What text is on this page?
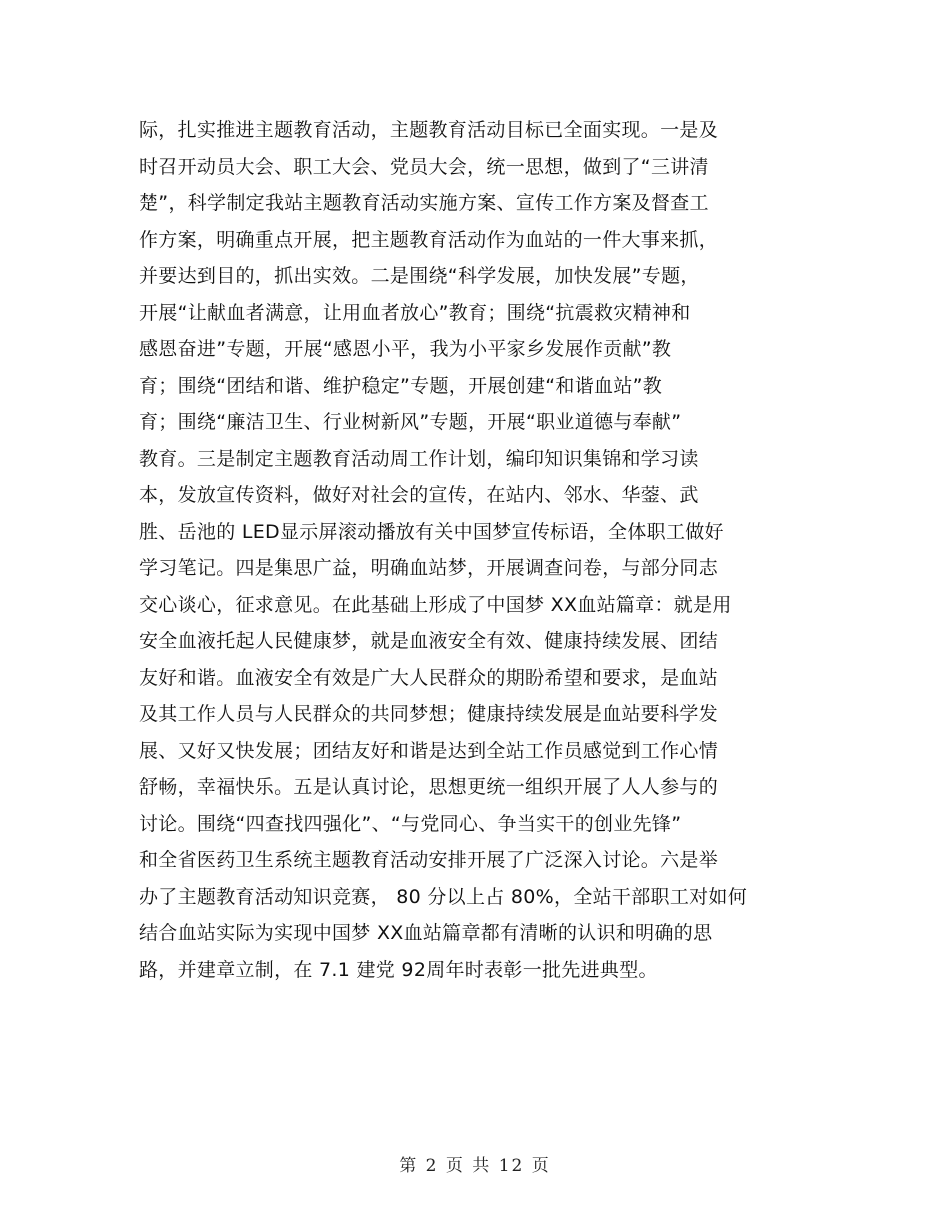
际，扎实推进主题教育活动，主题教育活动目标已全面实现。一是及
时召开动员大会、职工大会、党员大会，统一思想，做到了“三讲清
楚”，科学制定我站主题教育活动实施方案、宣传工作方案及督查工
作方案，明确重点开展，把主题教育活动作为血站的一件大事来抓，
并要达到目的，抓出实效。二是围绕“科学发展，加快发展”专题，
开展“让献血者满意，让用血者放心”教育；围绕“抗震救灾精神和
感恩奋进”专题，开展“感恩小平，我为小平家乡发展作贡献”教
育；围绕“团结和谐、维护稳定”专题，开展创建“和谐血站”教
育；围绕“廉洁卫生、行业树新风”专题，开展“职业道德与奉献”
教育。三是制定主题教育活动周工作计划，编印知识集锦和学习读
本，发放宣传资料，做好对社会的宣传，在站内、邻水、华蓥、武
胜、岳池的 LED显示屏滚动播放有关中国梦宣传标语，全体职工做好
学习笔记。四是集思广益，明确血站梦，开展调查问卷，与部分同志
交心谈心，征求意见。在此基础上形成了中国梦 XX血站篇章：就是用
安全血液托起人民健康梦，就是血液安全有效、健康持续发展、团结
友好和谐。血液安全有效是广大人民群众的期盼希望和要求，是血站
及其工作人员与人民群众的共同梦想；健康持续发展是血站要科学发
展、又好又快发展；团结友好和谐是达到全站工作员感觉到工作心情
舒畅，幸福快乐。五是认真讨论，思想更统一组织开展了人人参与的
讨论。围绕“四查找四强化”、“与党同心、争当实干的创业先锋”
和全省医药卫生系统主题教育活动安排开展了广泛深入讨论。六是举
办了主题教育活动知识竞赛， 80 分以上占 80%，全站干部职工对如何
结合血站实际为实现中国梦 XX血站篇章都有清晰的认识和明确的思
路，并建章立制，在 7.1 建党 92周年时表彰一批先进典型。
第 2 页 共 12 页
